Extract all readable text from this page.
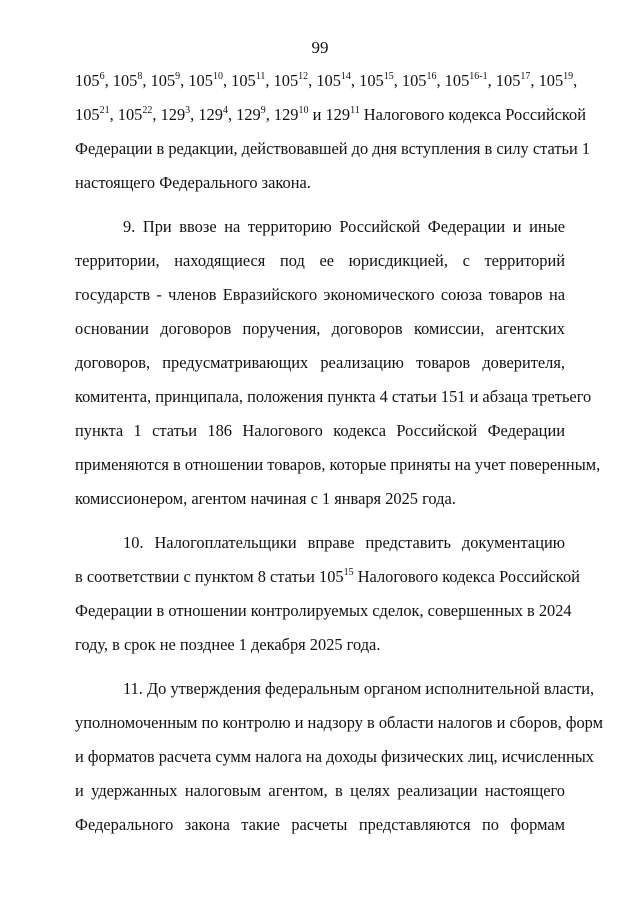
99
$105^6$, $105^8$, $105^9$, $105^{10}$, $105^{11}$, $105^{12}$, $105^{14}$, $105^{15}$, $105^{16}$, 105$^{16-1}$, $105^{17}$, $105^{19}$,
$105^{21}$, $105^{22}$, $129^3$, $129^4$, $129^9$, $129^{10}$ и $129^{11}$ Налогового кодекса Российской
Федерации в редакции, действовавшей до дня вступления в силу статьи 1
настоящего Федерального закона.
9. При ввозе на территорию Российской Федерации и иные
территории, находящиеся под ее юрисдикцией, с территорий
государств - членов Евразийского экономического союза товаров на
основании договоров поручения, договоров комиссии, агентских
договоров, предусматривающих реализацию товаров доверителя,
комитента, принципала, положения пункта 4 статьи 151 и абзаца третьего
пункта 1 статьи 186 Налогового кодекса Российской Федерации
применяются в отношении товаров, которые приняты на учет поверенным,
комиссионером, агентом начиная с 1 января 2025 года.
10. Налогоплательщики вправе представить документацию
в соответствии с пунктом 8 статьи $105^{15}$ Налогового кодекса Российской
Федерации в отношении контролируемых сделок, совершенных в 2024
году, в срок не позднее 1 декабря 2025 года.
11. До утверждения федеральным органом исполнительной власти,
уполномоченным по контролю и надзору в области налогов и сборов, форм
и форматов расчета сумм налога на доходы физических лиц, исчисленных
и удержанных налоговым агентом, в целях реализации настоящего
Федерального закона такие расчеты представляются по формам
